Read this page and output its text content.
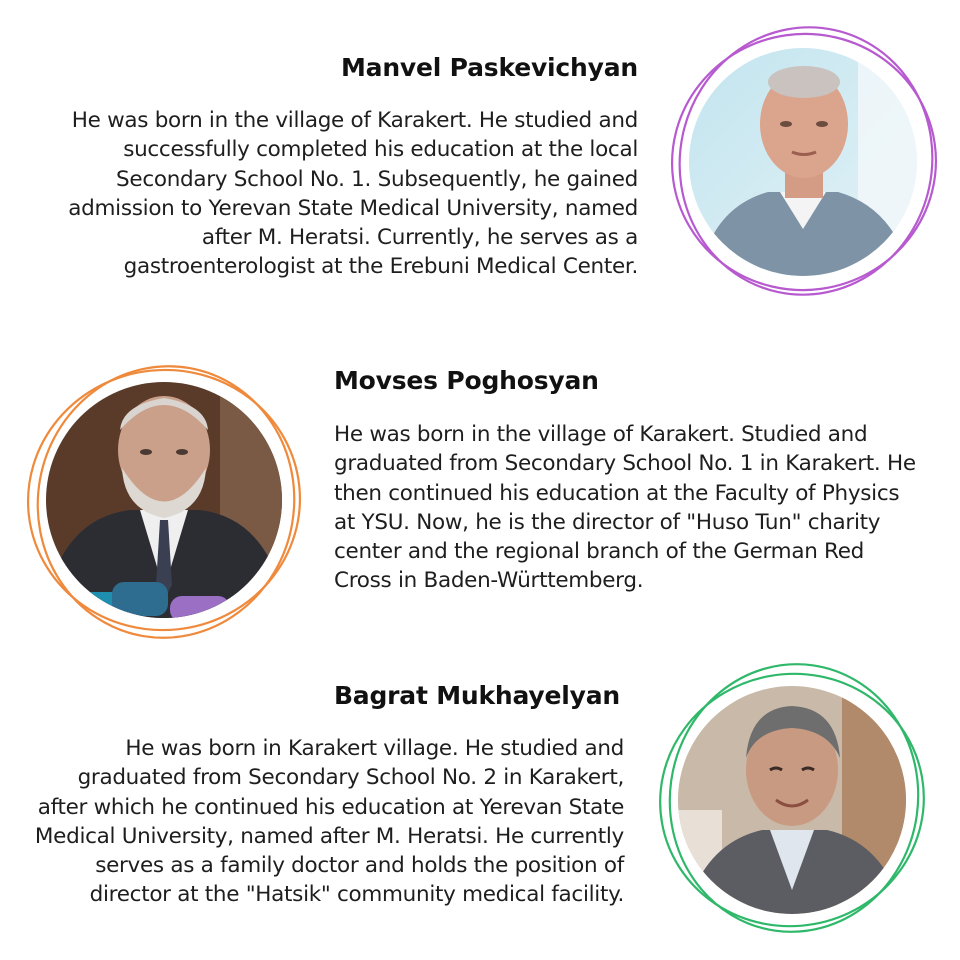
Manvel Paskevichyan

He was born in the village of Karakert. He studied and successfully completed his education at the local Secondary School No. 1. Subsequently, he gained admission to Yerevan State Medical University, named after M. Heratsi. Currently, he serves as a gastroenterologist at the Erebuni Medical Center.

Movses Poghosyan

He was born in the village of Karakert. Studied and graduated from Secondary School No. 1 in Karakert. He then continued his education at the Faculty of Physics at YSU. Now, he is the director of "Huso Tun" charity center and the regional branch of the German Red Cross in Baden-Württemberg.

Bagrat Mukhayelyan

He was born in Karakert village. He studied and graduated from Secondary School No. 2 in Karakert, after which he continued his education at Yerevan State Medical University, named after M. Heratsi. He currently serves as a family doctor and holds the position of director at the "Hatsik" community medical facility.
